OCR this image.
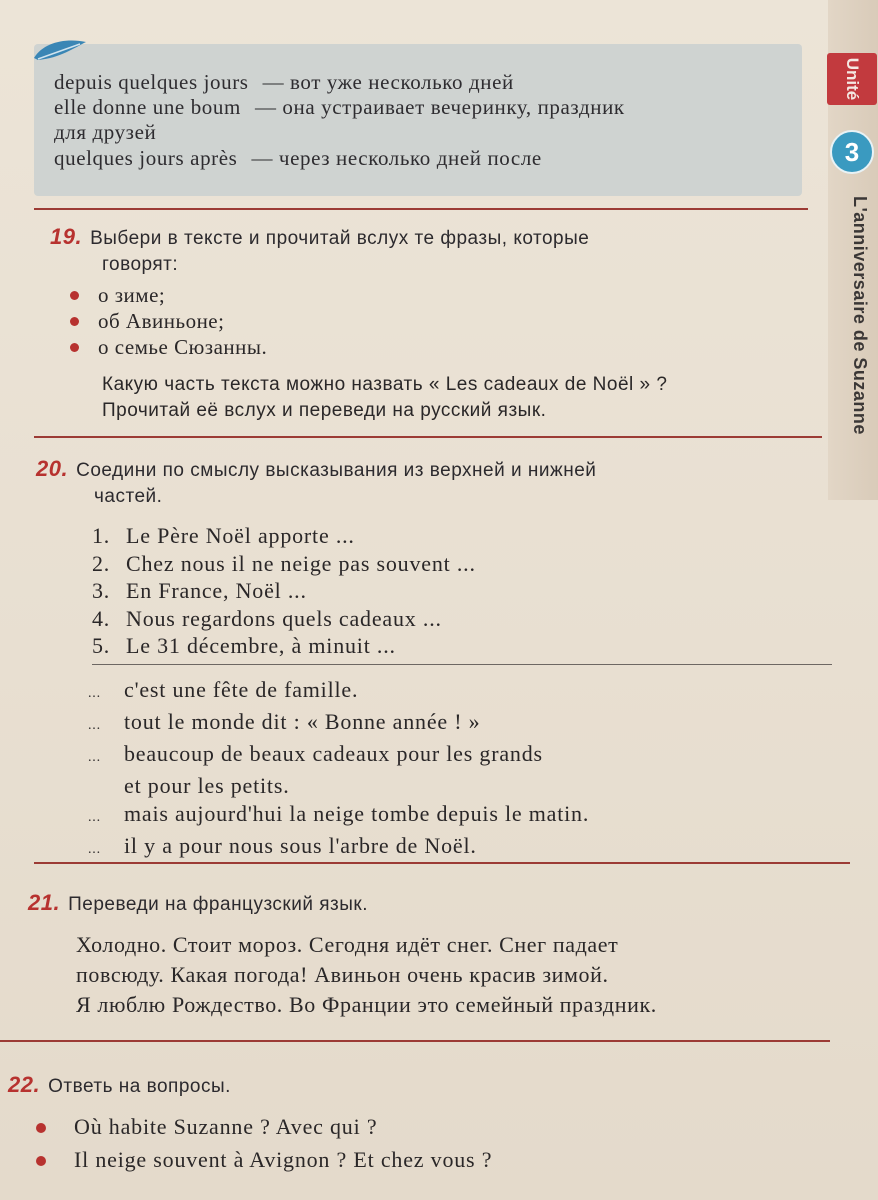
depuis quelques jours — вот уже несколько дней
elle donne une boum — она устраивает вечеринку, праздник
для друзей
quelques jours après — через несколько дней после
19. Выбери в тексте и прочитай вслух те фразы, которые
говорят:
о зиме;
об Авиньоне;
о семье Сюзанны.
Какую часть текста можно назвать « Les cadeaux de Noël » ?
Прочитай её вслух и переведи на русский язык.
20. Соедини по смыслу высказывания из верхней и нижней
частей.
1. Le Père Noël apporte ...
2. Chez nous il ne neige pas souvent ...
3. En France, Noël ...
4. Nous regardons quels cadeaux ...
5. Le 31 décembre, à minuit ...
... c'est une fête de famille.
... tout le monde dit : « Bonne année ! »
... beaucoup de beaux cadeaux pour les grands
et pour les petits.
... mais aujourd'hui la neige tombe depuis le matin.
... il y a pour nous sous l'arbre de Noël.
21. Переведи на французский язык.
Холодно. Стоит мороз. Сегодня идёт снег. Снег падает
повсюду. Какая погода! Авиньон очень красив зимой.
Я люблю Рождество. Во Франции это семейный праздник.
22. Ответь на вопросы.
Où habite Suzanne ? Avec qui ?
Il neige souvent à Avignon ? Et chez vous ?
Unité
3
L'anniversaire de Suzanne
